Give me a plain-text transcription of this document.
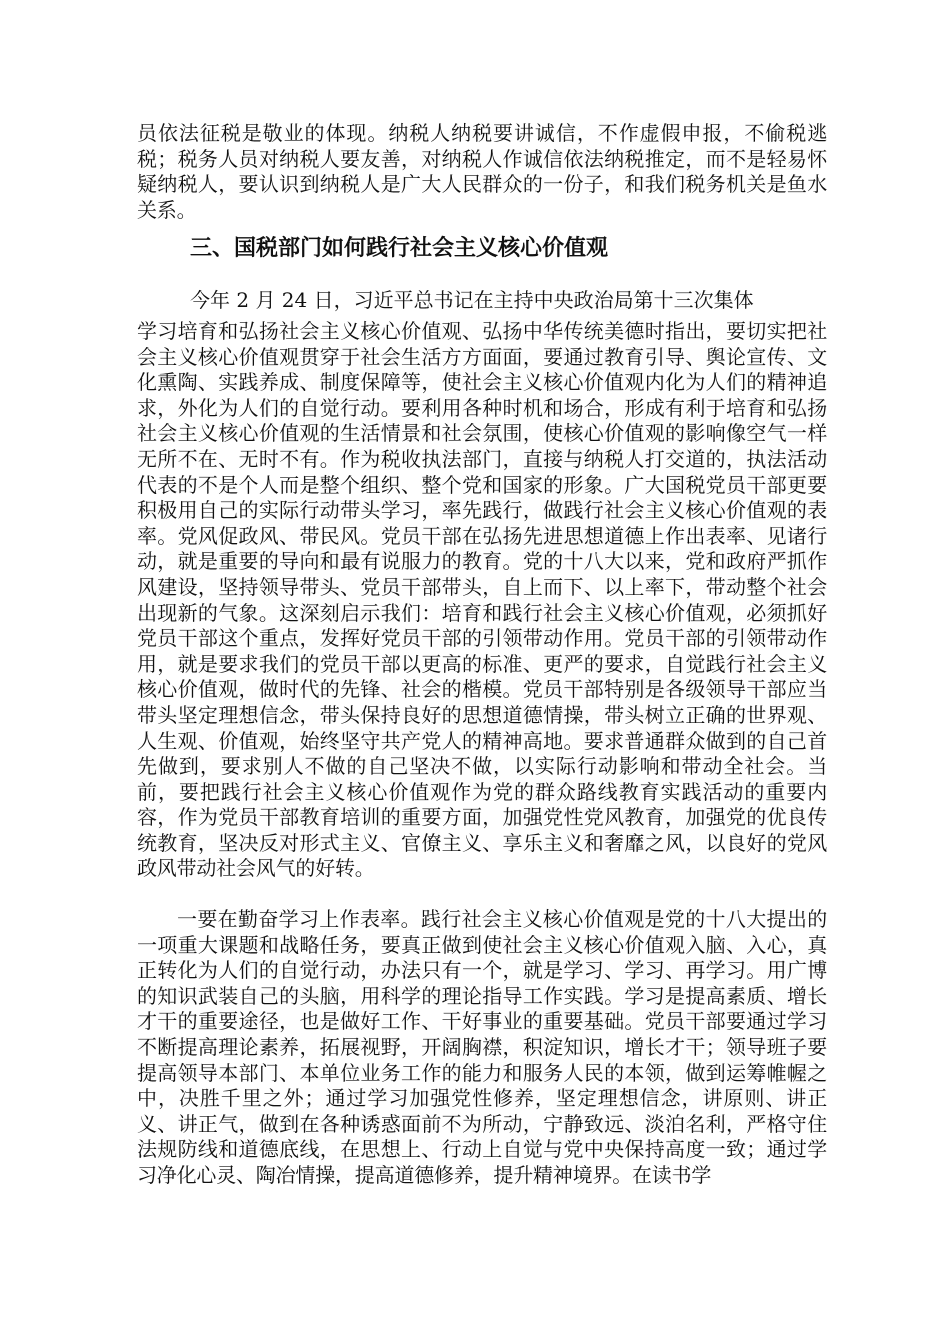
员依法征税是敬业的体现。纳税人纳税要讲诚信，不作虚假申报，不偷税逃税；税务人员对纳税人要友善，对纳税人作诚信依法纳税推定，而不是轻易怀疑纳税人，要认识到纳税人是广大人民群众的一份子，和我们税务机关是鱼水关系。

三、国税部门如何践行社会主义核心价值观
今年 2 月 24 日，习近平总书记在主持中央政治局第十三次集体

学习培育和弘扬社会主义核心价值观、弘扬中华传统美德时指出，要切实把社会主义核心价值观贯穿于社会生活方方面面，要通过教育引导、舆论宣传、文化熏陶、实践养成、制度保障等，使社会主义核心价值观内化为人们的精神追求，外化为人们的自觉行动。要利用各种时机和场合，形成有利于培育和弘扬社会主义核心价值观的生活情景和社会氛围，使核心价值观的影响像空气一样无所不在、无时不有。作为税收执法部门，直接与纳税人打交道的，执法活动代表的不是个人而是整个组织、整个党和国家的形象。广大国税党员干部更要积极用自己的实际行动带头学习，率先践行，做践行社会主义核心价值观的表率。党风促政风、带民风。党员干部在弘扬先进思想道德上作出表率、见诸行动，就是重要的导向和最有说服力的教育。党的十八大以来，党和政府严抓作风建设，坚持领导带头、党员干部带头，自上而下、以上率下，带动整个社会出现新的气象。这深刻启示我们：培育和践行社会主义核心价值观，必须抓好党员干部这个重点，发挥好党员干部的引领带动作用。党员干部的引领带动作用，就是要求我们的党员干部以更高的标准、更严的要求，自觉践行社会主义核心价值观，做时代的先锋、社会的楷模。党员干部特别是各级领导干部应当带头坚定理想信念，带头保持良好的思想道德情操，带头树立正确的世界观、人生观、价值观，始终坚守共产党人的精神高地。要求普通群众做到的自己首先做到，要求别人不做的自己坚决不做，以实际行动影响和带动全社会。当前，要把践行社会主义核心价值观作为党的群众路线教育实践活动的重要内容，作为党员干部教育培训的重要方面，加强党性党风教育，加强党的优良传统教育，坚决反对形式主义、官僚主义、享乐主义和奢靡之风，以良好的党风政风带动社会风气的好转。

一要在勤奋学习上作表率。践行社会主义核心价值观是党的十八大提出的一项重大课题和战略任务，要真正做到使社会主义核心价值观入脑、入心，真正转化为人们的自觉行动，办法只有一个，就是学习、学习、再学习。用广博的知识武装自己的头脑，用科学的理论指导工作实践。学习是提高素质、增长才干的重要途径，也是做好工作、干好事业的重要基础。党员干部要通过学习不断提高理论素养，拓展视野，开阔胸襟，积淀知识，增长才干；领导班子要提高领导本部门、本单位业务工作的能力和服务人民的本领，做到运筹帷幄之中，决胜千里之外；通过学习加强党性修养，坚定理想信念，讲原则、讲正义、讲正气，做到在各种诱惑面前不为所动，宁静致远、淡泊名利，严格守住法规防线和道德底线，在思想上、行动上自觉与党中央保持高度一致；通过学习净化心灵、陶冶情操，提高道德修养，提升精神境界。在读书学
